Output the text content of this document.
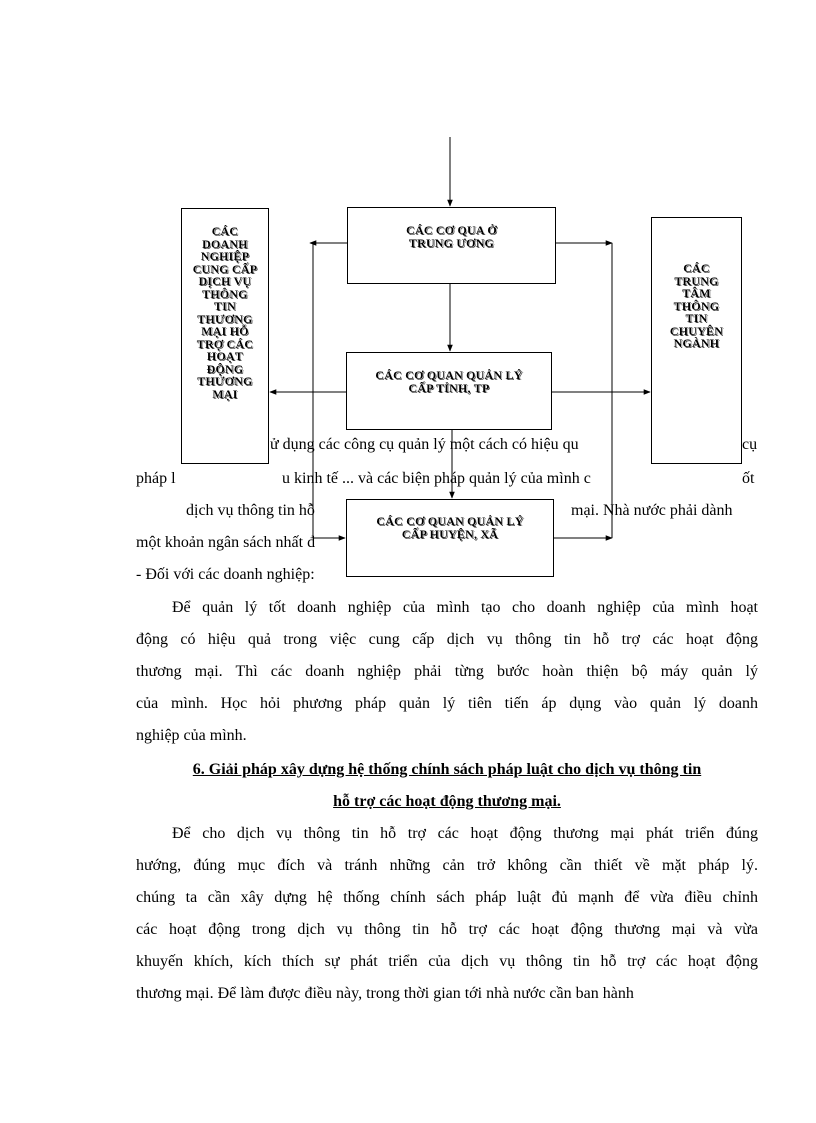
CÁC CƠ QUA Ở
TRUNG ƯƠNG
CÁC CƠ QUAN QUẢN LÝ
CẤP TỈNH, TP
CÁC CƠ QUAN QUẢN LÝ
CẤP HUYỆN, XÃ
CÁC
DOANH
NGHIỆP
CUNG CẤP
DỊCH VỤ
THÔNG
TIN
THƯƠNG
MẠI HỖ
TRỢ CÁC
HOẠT
ĐỘNG
THƯƠNG
MẠI
CÁC
TRUNG
TÂM
THÔNG
TIN
CHUYÊN
NGÀNH
ử dụng các công cụ quản lý một cách có hiệu qu	cụ
pháp l	u kinh tế ... và các biện pháp quản lý của mình c	ốt
dịch vụ thông tin hỗ	mại. Nhà nước phải dành
một khoản ngân sách nhất đ
- Đối với các doanh nghiệp:
Để quản lý tốt doanh nghiệp của mình tạo cho doanh nghiệp của mình hoạt
động có hiệu quả trong việc cung cấp dịch vụ thông tin hỗ trợ các hoạt động
thương mại. Thì các doanh nghiệp phải từng bước hoàn thiện bộ máy quản lý
của mình. Học hỏi phương pháp quản lý tiên tiến áp dụng vào quản lý doanh
nghiệp của mình.
6. Giải pháp xây dựng hệ thống chính sách pháp luật cho dịch vụ thông tin
hỗ trợ các hoạt động thương mại.
Để cho dịch vụ thông tin hỗ trợ các hoạt động thương mại phát triển đúng
hướng, đúng mục đích và tránh những cản trở không cần thiết về mặt pháp lý.
chúng ta cần xây dựng hệ thống chính sách pháp luật đủ mạnh để vừa điều chỉnh
các hoạt động trong dịch vụ thông tin hỗ trợ các hoạt động thương mại và vừa
khuyến khích, kích thích sự phát triển của dịch vụ thông tin hỗ trợ các hoạt động
thương mại. Để làm được điều này, trong thời gian tới nhà nước cần ban hành
